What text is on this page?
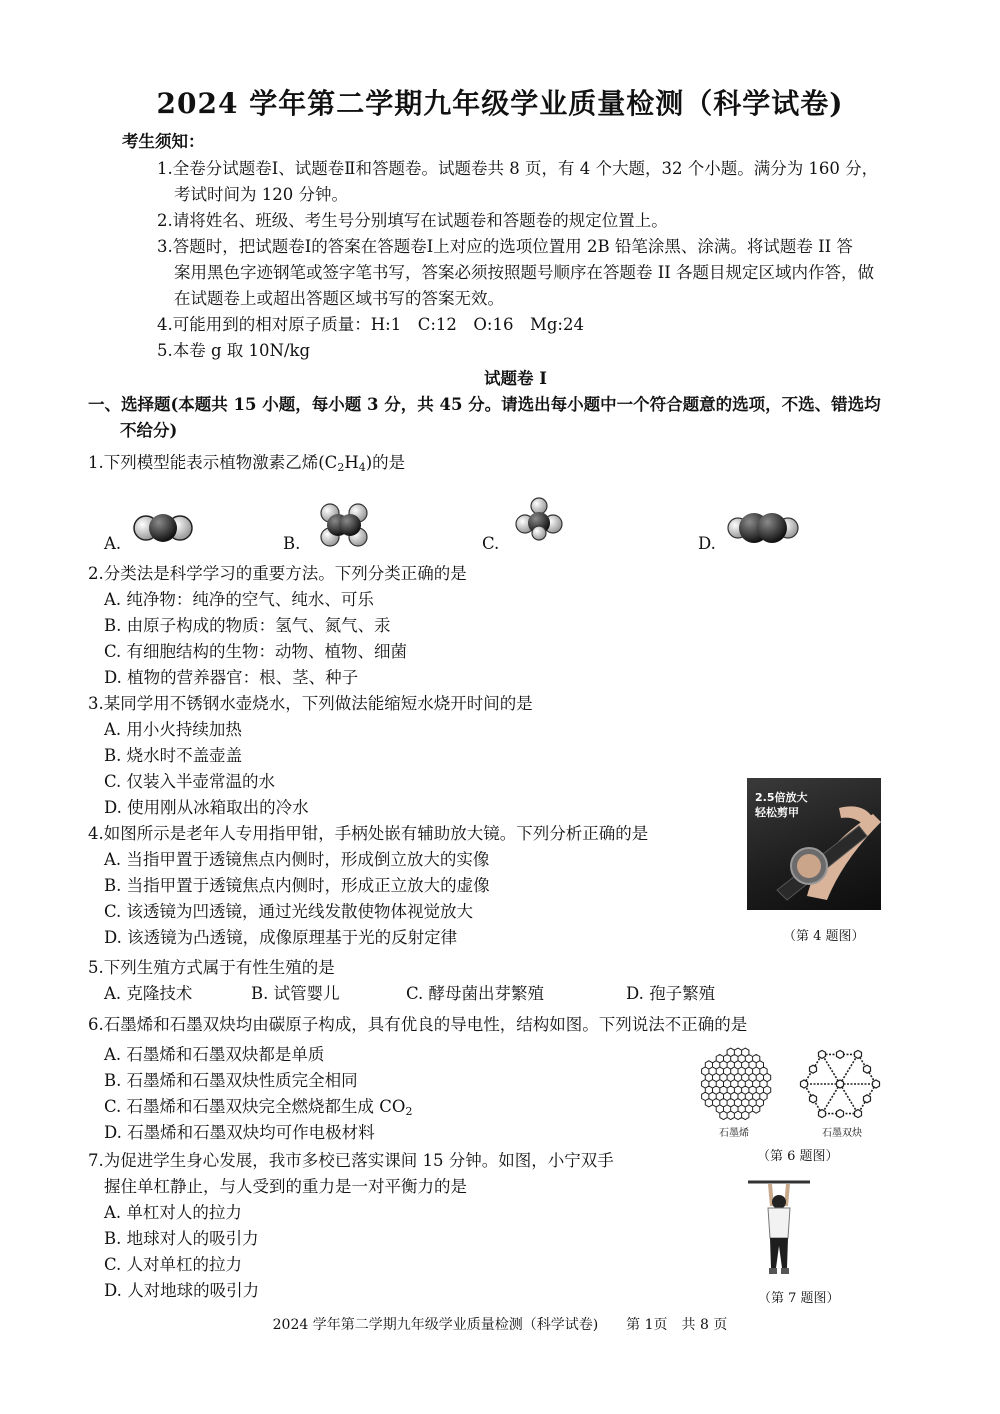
2024 学年第二学期九年级学业质量检测（科学试卷)
考生须知：
1.全卷分试题卷Ⅰ、试题卷Ⅱ和答题卷。试题卷共 8 页，有 4 个大题，32 个小题。满分为 160 分，
考试时间为 120 分钟。
2.请将姓名、班级、考生号分别填写在试题卷和答题卷的规定位置上。
3.答题时，把试题卷Ⅰ的答案在答题卷Ⅰ上对应的选项位置用 2B 铅笔涂黑、涂满。将试题卷 II 答
案用黑色字迹钢笔或签字笔书写，答案必须按照题号顺序在答题卷 II 各题目规定区域内作答，做
在试题卷上或超出答题区域书写的答案无效。
4.可能用到的相对原子质量：H:1　C:12　O:16　Mg:24
5.本卷 g 取 10N/kg
试题卷 Ⅰ
一、选择题(本题共 15 小题，每小题 3 分，共 45 分。请选出每小题中一个符合题意的选项，不选、错选均
不给分)
1.下列模型能表示植物激素乙烯$(C_2H_4)$的是
A.	B.	C.	D.
2.分类法是科学学习的重要方法。下列分类正确的是
A. 纯净物：纯净的空气、纯水、可乐
B. 由原子构成的物质：氢气、氮气、汞
C. 有细胞结构的生物：动物、植物、细菌
D. 植物的营养器官：根、茎、种子
3.某同学用不锈钢水壶烧水，下列做法能缩短水烧开时间的是
A. 用小火持续加热
B. 烧水时不盖壶盖
C. 仅装入半壶常温的水
D. 使用刚从冰箱取出的冷水
4.如图所示是老年人专用指甲钳，手柄处嵌有辅助放大镜。下列分析正确的是
A. 当指甲置于透镜焦点内侧时，形成倒立放大的实像
B. 当指甲置于透镜焦点内侧时，形成正立放大的虚像
C. 该透镜为凹透镜，通过光线发散使物体视觉放大
D. 该透镜为凸透镜，成像原理基于光的反射定律
2.5倍放大
轻松剪甲
（第 4 题图）
5.下列生殖方式属于有性生殖的是
A. 克隆技术	B. 试管婴儿	C. 酵母菌出芽繁殖	D. 孢子繁殖
6.石墨烯和石墨双炔均由碳原子构成，具有优良的导电性，结构如图。下列说法不正确的是
A. 石墨烯和石墨双炔都是单质
B. 石墨烯和石墨双炔性质完全相同
C. 石墨烯和石墨双炔完全燃烧都生成 $CO_2$
D. 石墨烯和石墨双炔均可作电极材料	石墨烯	石墨双炔
（第 6 题图）
7.为促进学生身心发展，我市多校已落实课间 15 分钟。如图，小宁双手
握住单杠静止，与人受到的重力是一对平衡力的是
A. 单杠对人的拉力
B. 地球对人的吸引力
C. 人对单杠的拉力
D. 人对地球的吸引力	（第 7 题图）
2024 学年第二学期九年级学业质量检测（科学试卷)　　第 1页　共 8 页
